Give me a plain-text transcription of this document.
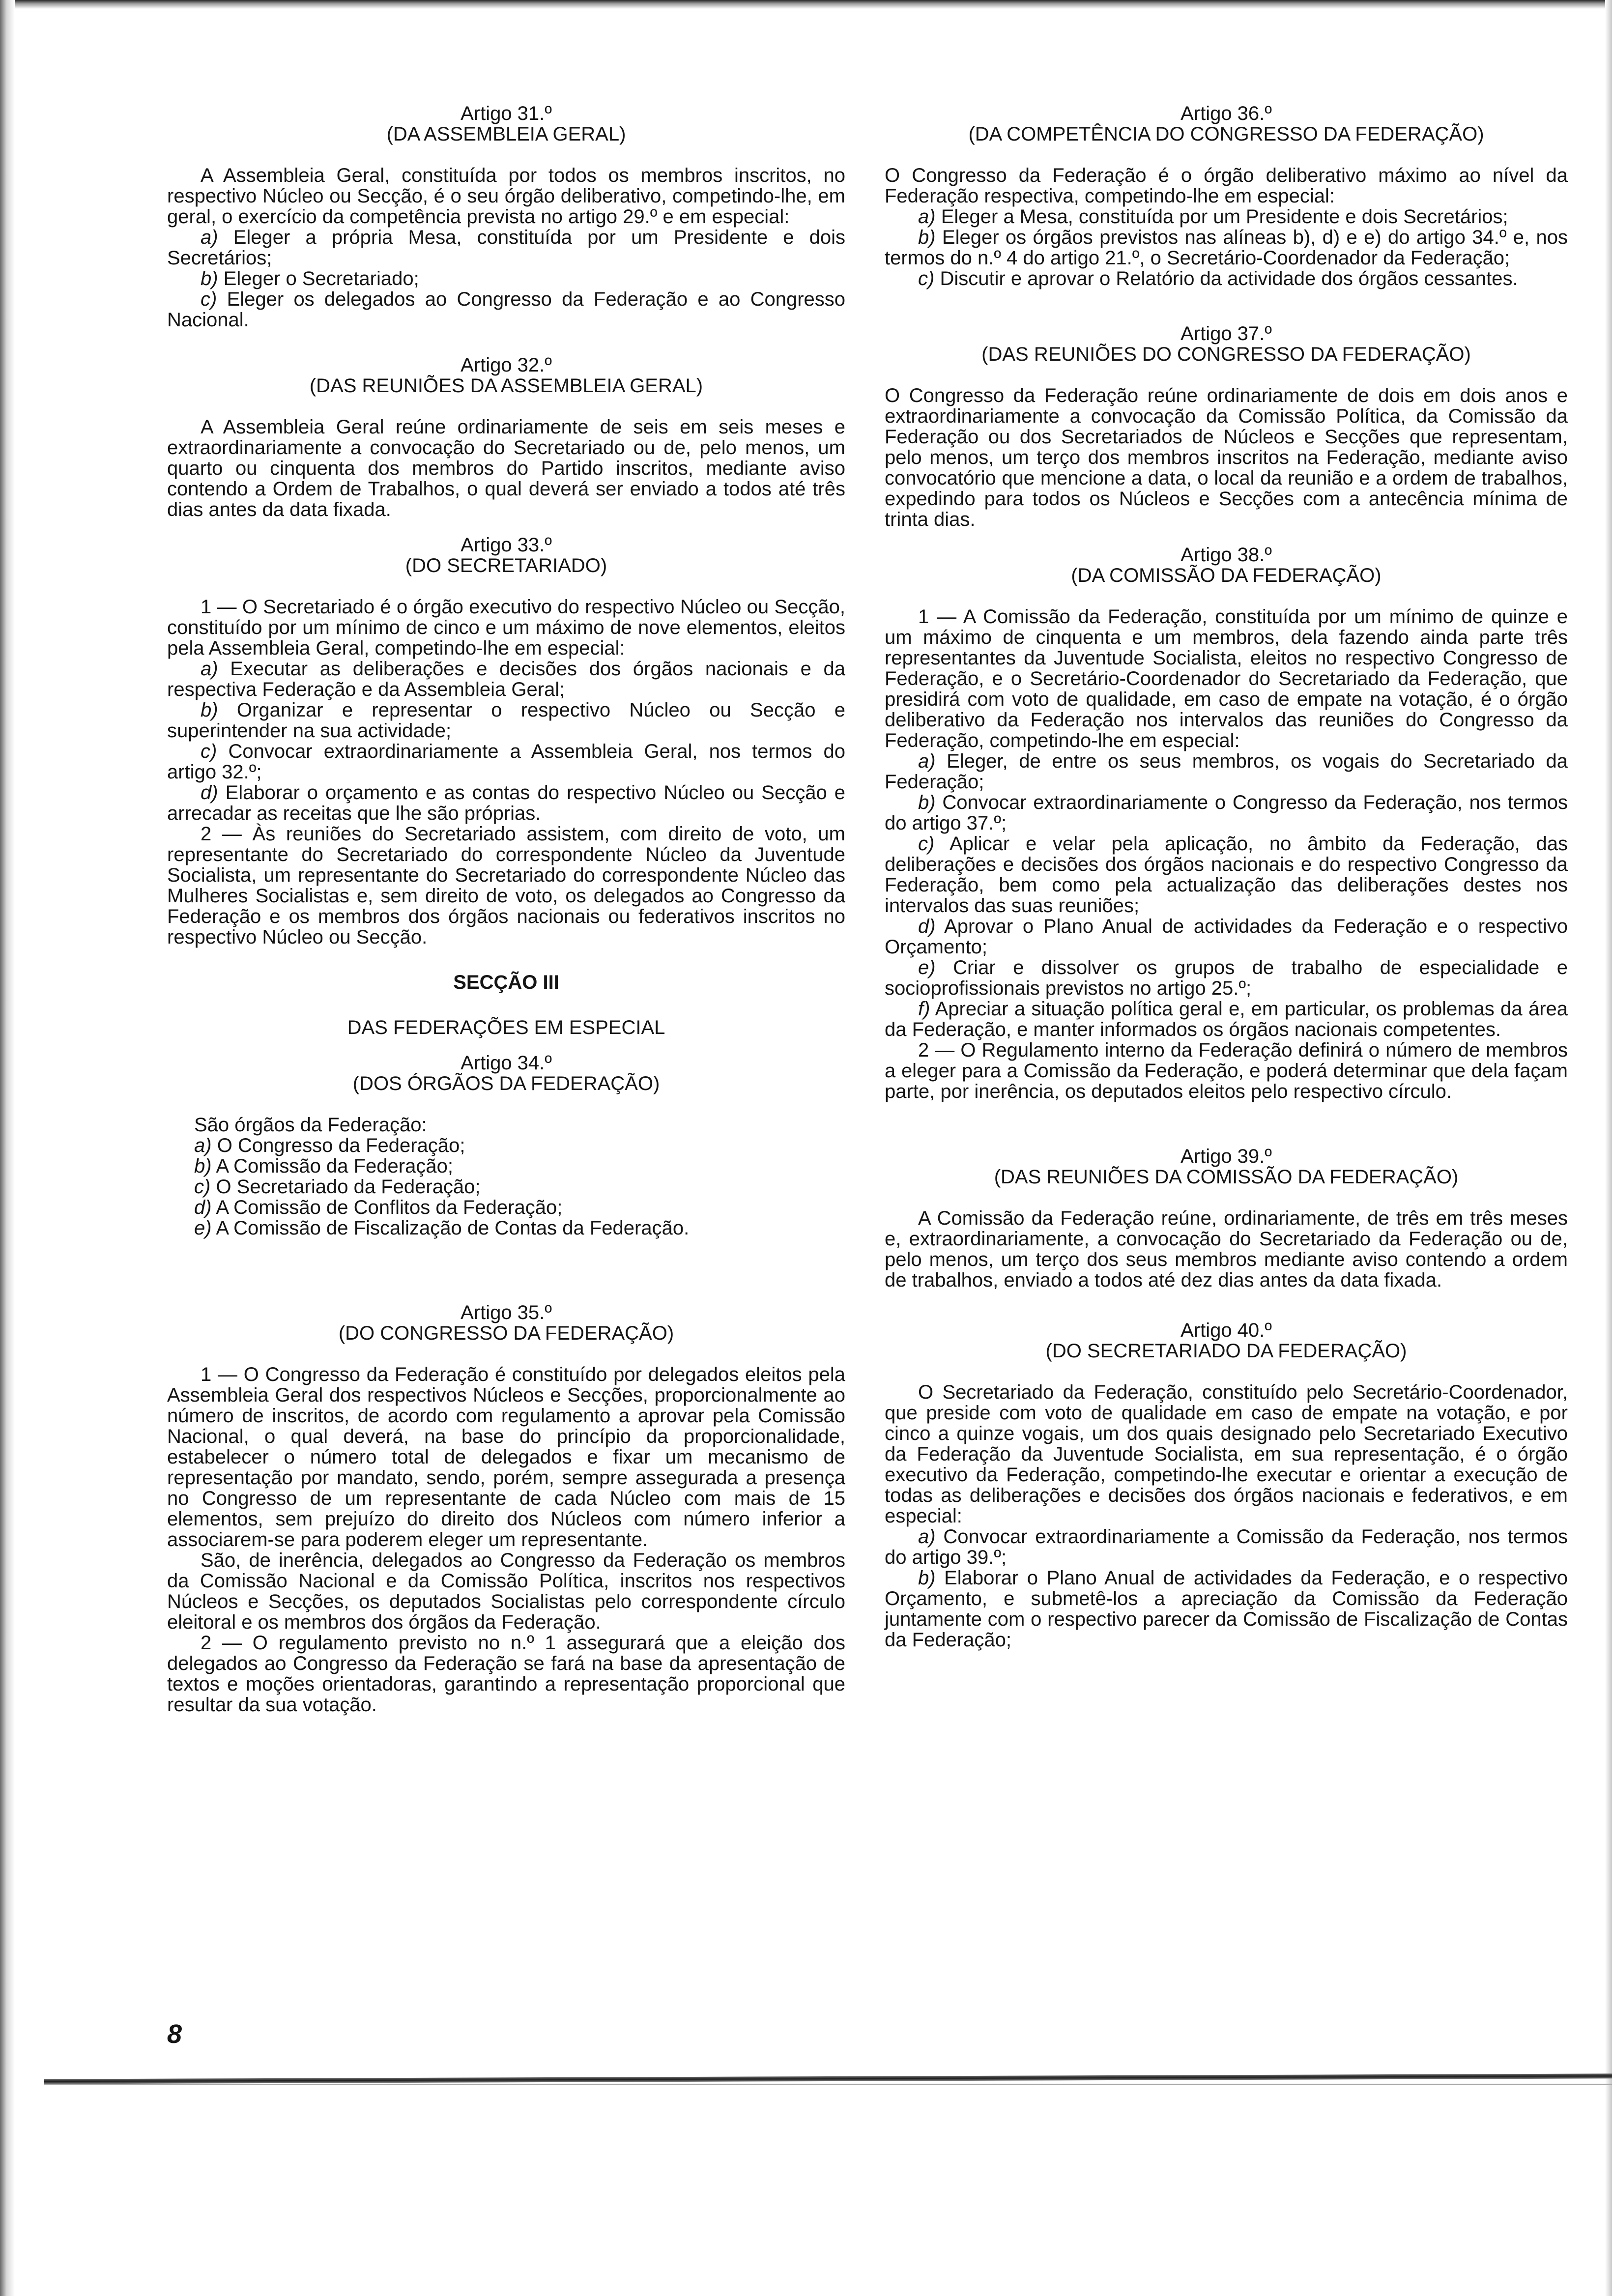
Artigo 31.º

(DA ASSEMBLEIA GERAL)

A Assembleia Geral, constituída por todos os membros inscritos, no respectivo Núcleo ou Secção, é o seu órgão deliberativo, competindo-lhe, em geral, o exercício da competência prevista no artigo 29.º e em especial:

a) Eleger a própria Mesa, constituída por um Presidente e dois Secretários;

b) Eleger o Secretariado;

c) Eleger os delegados ao Congresso da Federação e ao Congresso Nacional.

Artigo 32.º

(DAS REUNIÕES DA ASSEMBLEIA GERAL)

A Assembleia Geral reúne ordinariamente de seis em seis meses e extraordinariamente a convocação do Secretariado ou de, pelo menos, um quarto ou cinquenta dos membros do Partido inscritos, mediante aviso contendo a Ordem de Trabalhos, o qual deverá ser enviado a todos até três dias antes da data fixada.

Artigo 33.º

(DO SECRETARIADO)

1 — O Secretariado é o órgão executivo do respectivo Núcleo ou Secção, constituído por um mínimo de cinco e um máximo de nove elementos, eleitos pela Assembleia Geral, competindo-lhe em especial:

a) Executar as deliberações e decisões dos órgãos nacionais e da respectiva Federação e da Assembleia Geral;

b) Organizar e representar o respectivo Núcleo ou Secção e superintender na sua actividade;

c) Convocar extraordinariamente a Assembleia Geral, nos termos do artigo 32.º;

d) Elaborar o orçamento e as contas do respectivo Núcleo ou Secção e arrecadar as receitas que lhe são próprias.

2 — Às reuniões do Secretariado assistem, com direito de voto, um representante do Secretariado do correspondente Núcleo da Juventude Socialista, um representante do Secretariado do correspondente Núcleo das Mulheres Socialistas e, sem direito de voto, os delegados ao Congresso da Federação e os membros dos órgãos nacionais ou federativos inscritos no respectivo Núcleo ou Secção.

SECÇÃO III

DAS FEDERAÇÕES EM ESPECIAL

Artigo 34.º

(DOS ÓRGÃOS DA FEDERAÇÃO)

São órgãos da Federação:

a) O Congresso da Federação;

b) A Comissão da Federação;

c) O Secretariado da Federação;

d) A Comissão de Conflitos da Federação;

e) A Comissão de Fiscalização de Contas da Federação.

Artigo 35.º

(DO CONGRESSO DA FEDERAÇÃO)

1 — O Congresso da Federação é constituído por delegados eleitos pela Assembleia Geral dos respectivos Núcleos e Secções, proporcionalmente ao número de inscritos, de acordo com regulamento a aprovar pela Comissão Nacional, o qual deverá, na base do princípio da proporcionalidade, estabelecer o número total de delegados e fixar um mecanismo de representação por mandato, sendo, porém, sempre assegurada a presença no Congresso de um representante de cada Núcleo com mais de 15 elementos, sem prejuízo do direito dos Núcleos com número inferior a associarem-se para poderem eleger um representante.

São, de inerência, delegados ao Congresso da Federação os membros da Comissão Nacional e da Comissão Política, inscritos nos respectivos Núcleos e Secções, os deputados Socialistas pelo correspondente círculo eleitoral e os membros dos órgãos da Federação.

2 — O regulamento previsto no n.º 1 assegurará que a eleição dos delegados ao Congresso da Federação se fará na base da apresentação de textos e moções orientadoras, garantindo a representação proporcional que resultar da sua votação.

8

Artigo 36.º

(DA COMPETÊNCIA DO CONGRESSO DA FEDERAÇÃO)

O Congresso da Federação é o órgão deliberativo máximo ao nível da Federação respectiva, competindo-lhe em especial:

a) Eleger a Mesa, constituída por um Presidente e dois Secretários;

b) Eleger os órgãos previstos nas alíneas b), d) e e) do artigo 34.º e, nos termos do n.º 4 do artigo 21.º, o Secretário-Coordenador da Federação;

c) Discutir e aprovar o Relatório da actividade dos órgãos cessantes.

Artigo 37.º

(DAS REUNIÕES DO CONGRESSO DA FEDERAÇÃO)

O Congresso da Federação reúne ordinariamente de dois em dois anos e extraordinariamente a convocação da Comissão Política, da Comissão da Federação ou dos Secretariados de Núcleos e Secções que representam, pelo menos, um terço dos membros inscritos na Federação, mediante aviso convocatório que mencione a data, o local da reunião e a ordem de trabalhos, expedindo para todos os Núcleos e Secções com a antecência mínima de trinta dias.

Artigo 38.º

(DA COMISSÃO DA FEDERAÇÃO)

1 — A Comissão da Federação, constituída por um mínimo de quinze e um máximo de cinquenta e um membros, dela fazendo ainda parte três representantes da Juventude Socialista, eleitos no respectivo Congresso de Federação, e o Secretário-Coordenador do Secretariado da Federação, que presidirá com voto de qualidade, em caso de empate na votação, é o órgão deliberativo da Federação nos intervalos das reuniões do Congresso da Federação, competindo-lhe em especial:

a) Eleger, de entre os seus membros, os vogais do Secretariado da Federação;

b) Convocar extraordinariamente o Congresso da Federação, nos termos do artigo 37.º;

c) Aplicar e velar pela aplicação, no âmbito da Federação, das deliberações e decisões dos órgãos nacionais e do respectivo Congresso da Federação, bem como pela actualização das deliberações destes nos intervalos das suas reuniões;

d) Aprovar o Plano Anual de actividades da Federação e o respectivo Orçamento;

e) Criar e dissolver os grupos de trabalho de especialidade e socioprofissionais previstos no artigo 25.º;

f) Apreciar a situação política geral e, em particular, os problemas da área da Federação, e manter informados os órgãos nacionais competentes.

2 — O Regulamento interno da Federação definirá o número de membros a eleger para a Comissão da Federação, e poderá determinar que dela façam parte, por inerência, os deputados eleitos pelo respectivo círculo.

Artigo 39.º

(DAS REUNIÕES DA COMISSÃO DA FEDERAÇÃO)

A Comissão da Federação reúne, ordinariamente, de três em três meses e, extraordinariamente, a convocação do Secretariado da Federação ou de, pelo menos, um terço dos seus membros mediante aviso contendo a ordem de trabalhos, enviado a todos até dez dias antes da data fixada.

Artigo 40.º

(DO SECRETARIADO DA FEDERAÇÃO)

O Secretariado da Federação, constituído pelo Secretário-Coordenador, que preside com voto de qualidade em caso de empate na votação, e por cinco a quinze vogais, um dos quais designado pelo Secretariado Executivo da Federação da Juventude Socialista, em sua representação, é o órgão executivo da Federação, competindo-lhe executar e orientar a execução de todas as deliberações e decisões dos órgãos nacionais e federativos, e em especial:

a) Convocar extraordinariamente a Comissão da Federação, nos termos do artigo 39.º;

b) Elaborar o Plano Anual de actividades da Federação, e o respectivo Orçamento, e submetê-los a apreciação da Comissão da Federação juntamente com o respectivo parecer da Comissão de Fiscalização de Contas da Federação;
